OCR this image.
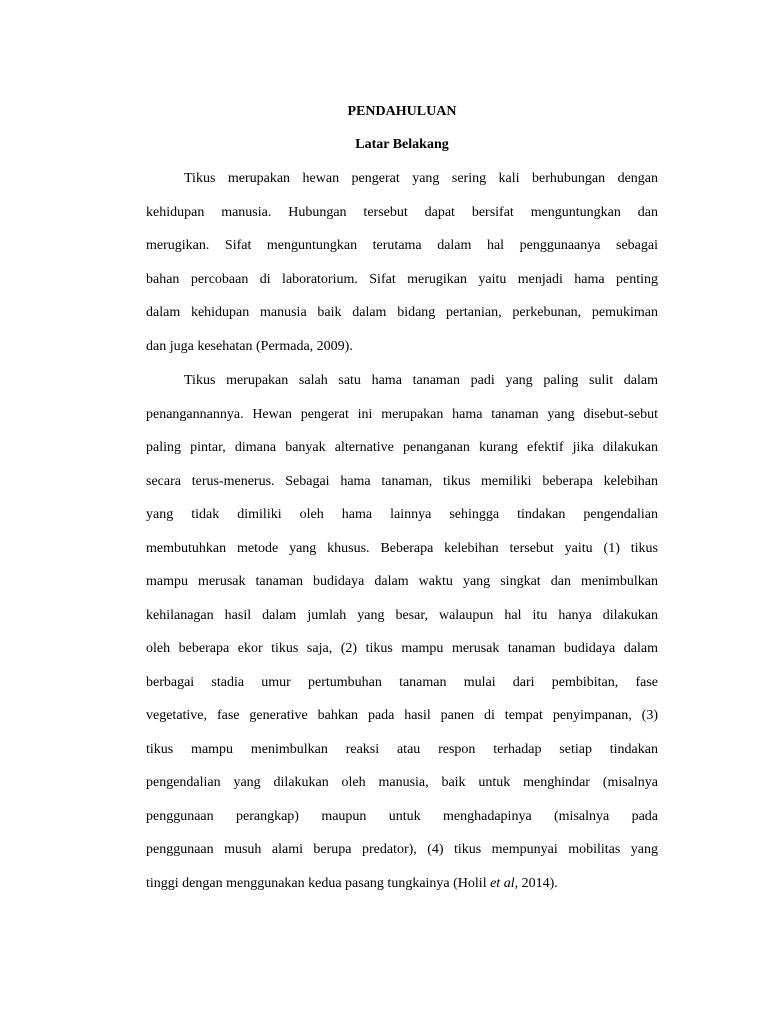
PENDAHULUAN
Latar Belakang
Tikus merupakan hewan pengerat yang sering kali berhubungan dengan
kehidupan manusia. Hubungan tersebut dapat bersifat menguntungkan dan
merugikan. Sifat menguntungkan terutama dalam hal penggunaanya sebagai
bahan percobaan di laboratorium. Sifat merugikan yaitu menjadi hama penting
dalam kehidupan manusia baik dalam bidang pertanian, perkebunan, pemukiman
dan juga kesehatan (Permada, 2009).
Tikus merupakan salah satu hama tanaman padi yang paling sulit dalam
penangannannya. Hewan pengerat ini merupakan hama tanaman yang disebut-sebut
paling pintar, dimana banyak alternative penanganan kurang efektif jika dilakukan
secara terus-menerus. Sebagai hama tanaman, tikus memiliki beberapa kelebihan
yang tidak dimiliki oleh hama lainnya sehingga tindakan pengendalian
membutuhkan metode yang khusus. Beberapa kelebihan tersebut yaitu (1) tikus
mampu merusak tanaman budidaya dalam waktu yang singkat dan menimbulkan
kehilanagan hasil dalam jumlah yang besar, walaupun hal itu hanya dilakukan
oleh beberapa ekor tikus saja, (2) tikus mampu merusak tanaman budidaya dalam
berbagai stadia umur pertumbuhan tanaman mulai dari pembibitan, fase
vegetative, fase generative bahkan pada hasil panen di tempat penyimpanan, (3)
tikus mampu menimbulkan reaksi atau respon terhadap setiap tindakan
pengendalian yang dilakukan oleh manusia, baik untuk menghindar (misalnya
penggunaan perangkap) maupun untuk menghadapinya (misalnya pada
penggunaan musuh alami berupa predator), (4) tikus mempunyai mobilitas yang
tinggi dengan menggunakan kedua pasang tungkainya (Holil et al, 2014).
